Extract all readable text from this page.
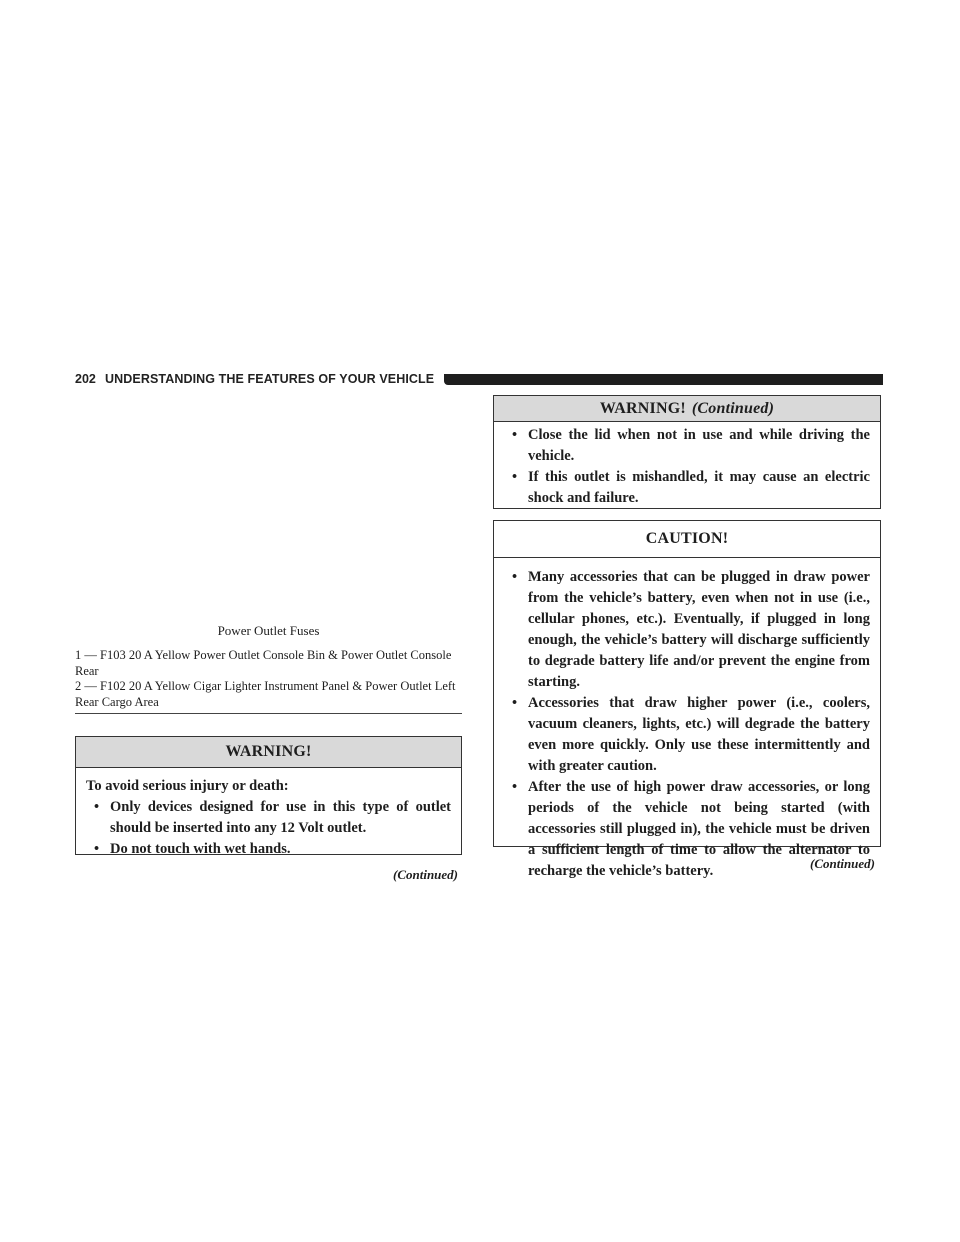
202 UNDERSTANDING THE FEATURES OF YOUR VEHICLE
Power Outlet Fuses
1 — F103 20 A Yellow Power Outlet Console Bin & Power Outlet Console Rear
2 — F102 20 A Yellow Cigar Lighter Instrument Panel & Power Outlet Left Rear Cargo Area
WARNING!

To avoid serious injury or death:

• Only devices designed for use in this type of outlet should be inserted into any 12 Volt outlet.
• Do not touch with wet hands.
(Continued)
WARNING! (Continued)
• Close the lid when not in use and while driving the vehicle.
• If this outlet is mishandled, it may cause an electric shock and failure.
CAUTION!
• Many accessories that can be plugged in draw power from the vehicle’s battery, even when not in use (i.e., cellular phones, etc.). Eventually, if plugged in long enough, the vehicle’s battery will discharge sufficiently to degrade battery life and/or prevent the engine from starting.
• Accessories that draw higher power (i.e., coolers, vacuum cleaners, lights, etc.) will degrade the battery even more quickly. Only use these intermittently and with greater caution.
• After the use of high power draw accessories, or long periods of the vehicle not being started (with accessories still plugged in), the vehicle must be driven a sufficient length of time to allow the alternator to recharge the vehicle’s battery.	(Continued)
